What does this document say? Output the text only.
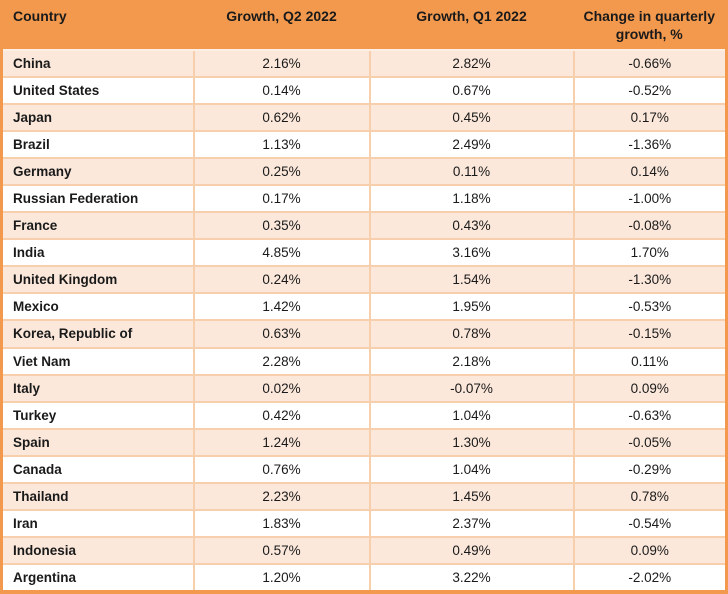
Country	Growth, Q2 2022	Growth, Q1 2022	Change in quarterly growth, %
China	2.16%	2.82%	-0.66%
United States	0.14%	0.67%	-0.52%
Japan	0.62%	0.45%	0.17%
Brazil	1.13%	2.49%	-1.36%
Germany	0.25%	0.11%	0.14%
Russian Federation	0.17%	1.18%	-1.00%
France	0.35%	0.43%	-0.08%
India	4.85%	3.16%	1.70%
United Kingdom	0.24%	1.54%	-1.30%
Mexico	1.42%	1.95%	-0.53%
Korea, Republic of	0.63%	0.78%	-0.15%
Viet Nam	2.28%	2.18%	0.11%
Italy	0.02%	-0.07%	0.09%
Turkey	0.42%	1.04%	-0.63%
Spain	1.24%	1.30%	-0.05%
Canada	0.76%	1.04%	-0.29%
Thailand	2.23%	1.45%	0.78%
Iran	1.83%	2.37%	-0.54%
Indonesia	0.57%	0.49%	0.09%
Argentina	1.20%	3.22%	-2.02%
